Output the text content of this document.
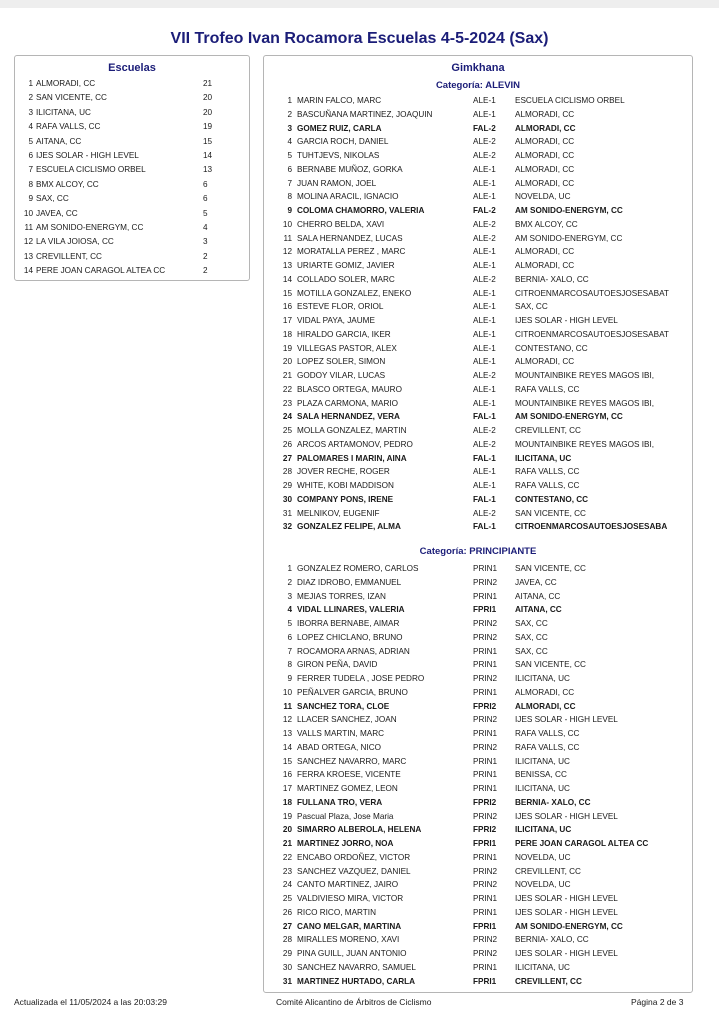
VII Trofeo Ivan Rocamora Escuelas 4-5-2024 (Sax)
Escuelas
1 ALMORADI, CC	21
2 SAN VICENTE, CC	20
3 ILICITANA, UC	20
4 RAFA VALLS, CC	19
5 AITANA, CC	15
6 IJES SOLAR - HIGH LEVEL	14
7 ESCUELA CICLISMO ORBEL	13
8 BMX ALCOY, CC	6
9 SAX, CC	6
10 JAVEA, CC	5
11 AM SONIDO-ENERGYM, CC	4
12 LA VILA JOIOSA, CC	3
13 CREVILLENT, CC	2
14 PERE JOAN CARAGOL ALTEA CC	2
Gimkhana
Categoría: ALEVIN
1 MARIN FALCO, MARC	ALE-1 ESCUELA CICLISMO ORBEL
2 BASCUÑANA MARTINEZ, JOAQUIN	ALE-1 ALMORADI, CC
3 GOMEZ RUIZ, CARLA	FAL-2 ALMORADI, CC
4 GARCIA ROCH, DANIEL	ALE-2 ALMORADI, CC
5 TUHTJEVS, NIKOLAS	ALE-2 ALMORADI, CC
6 BERNABE MUÑOZ, GORKA	ALE-1 ALMORADI, CC
7 JUAN RAMON, JOEL	ALE-1 ALMORADI, CC
8 MOLINA ARACIL, IGNACIO	ALE-1 NOVELDA, UC
9 COLOMA CHAMORRO, VALERIA	FAL-2 AM SONIDO-ENERGYM, CC
10 CHERRO BELDA, XAVI	ALE-2 BMX ALCOY, CC
11 SALA HERNANDEZ, LUCAS	ALE-2 AM SONIDO-ENERGYM, CC
12 MORATALLA PEREZ , MARC	ALE-1 ALMORADI, CC
13 URIARTE GOMIZ, JAVIER	ALE-1 ALMORADI, CC
14 COLLADO SOLER, MARC	ALE-2 BERNIA- XALO, CC
15 MOTILLA GONZALEZ, ENEKO	ALE-1 CITROENMARCOSAUTOESJOSESABAT
16 ESTEVE FLOR, ORIOL	ALE-1 SAX, CC
17 VIDAL PAYA, JAUME	ALE-1 IJES SOLAR - HIGH LEVEL
18 HIRALDO GARCIA, IKER	ALE-1 CITROENMARCOSAUTOESJOSESABAT
19 VILLEGAS PASTOR, ALEX	ALE-1 CONTESTANO, CC
20 LOPEZ SOLER, SIMON	ALE-1 ALMORADI, CC
21 GODOY VILAR, LUCAS	ALE-2 MOUNTAINBIKE REYES MAGOS IBI,
22 BLASCO ORTEGA, MAURO	ALE-1 RAFA VALLS, CC
23 PLAZA CARMONA, MARIO	ALE-1 MOUNTAINBIKE REYES MAGOS IBI,
24 SALA HERNANDEZ, VERA	FAL-1 AM SONIDO-ENERGYM, CC
25 MOLLA GONZALEZ, MARTIN	ALE-2 CREVILLENT, CC
26 ARCOS ARTAMONOV, PEDRO	ALE-2 MOUNTAINBIKE REYES MAGOS IBI,
27 PALOMARES I MARIN, AINA	FAL-1 ILICITANA, UC
28 JOVER RECHE, ROGER	ALE-1 RAFA VALLS, CC
29 WHITE, KOBI MADDISON	ALE-1 RAFA VALLS, CC
30 COMPANY PONS, IRENE	FAL-1 CONTESTANO, CC
31 MELNIKOV, EUGENIF	ALE-2 SAN VICENTE, CC
32 GONZALEZ FELIPE, ALMA	FAL-1 CITROENMARCOSAUTOESJOSESABA
Categoría: PRINCIPIANTE
1 GONZALEZ ROMERO, CARLOS	PRIN1 SAN VICENTE, CC
2 DIAZ IDROBO, EMMANUEL	PRIN2 JAVEA, CC
3 MEJIAS TORRES, IZAN	PRIN1 AITANA, CC
4 VIDAL LLINARES, VALERIA	FPRI1 AITANA, CC
5 IBORRA BERNABE, AIMAR	PRIN2 SAX, CC
6 LOPEZ CHICLANO, BRUNO	PRIN2 SAX, CC
7 ROCAMORA ARNAS, ADRIAN	PRIN1 SAX, CC
8 GIRON PEÑA, DAVID	PRIN1 SAN VICENTE, CC
9 FERRER TUDELA , JOSE PEDRO	PRIN2 ILICITANA, UC
10 PEÑALVER GARCIA, BRUNO	PRIN1 ALMORADI, CC
11 SANCHEZ TORA, CLOE	FPRI2 ALMORADI, CC
12 LLACER SANCHEZ, JOAN	PRIN2 IJES SOLAR - HIGH LEVEL
13 VALLS MARTIN, MARC	PRIN1 RAFA VALLS, CC
14 ABAD ORTEGA, NICO	PRIN2 RAFA VALLS, CC
15 SANCHEZ NAVARRO, MARC	PRIN1 ILICITANA, UC
16 FERRA KROESE, VICENTE	PRIN1 BENISSA, CC
17 MARTINEZ GOMEZ, LEON	PRIN1 ILICITANA, UC
18 FULLANA TRO, VERA	FPRI2 BERNIA- XALO, CC
19 Pascual Plaza, Jose Maria	PRIN2 IJES SOLAR - HIGH LEVEL
20 SIMARRO ALBEROLA, HELENA	FPRI2 ILICITANA, UC
21 MARTINEZ JORRO, NOA	FPRI1 PERE JOAN CARAGOL ALTEA CC
22 ENCABO ORDOÑEZ, VICTOR	PRIN1 NOVELDA, UC
23 SANCHEZ VAZQUEZ, DANIEL	PRIN2 CREVILLENT, CC
24 CANTO MARTINEZ, JAIRO	PRIN2 NOVELDA, UC
25 VALDIVIESO MIRA, VICTOR	PRIN1 IJES SOLAR - HIGH LEVEL
26 RICO RICO, MARTIN	PRIN1 IJES SOLAR - HIGH LEVEL
27 CANO MELGAR, MARTINA	FPRI1 AM SONIDO-ENERGYM, CC
28 MIRALLES MORENO, XAVI	PRIN2 BERNIA- XALO, CC
29 PINA GUILL, JUAN ANTONIO	PRIN2 IJES SOLAR - HIGH LEVEL
30 SANCHEZ NAVARRO, SAMUEL	PRIN1 ILICITANA, UC
31 MARTINEZ HURTADO, CARLA	FPRI1 CREVILLENT, CC
Actualizada el 11/05/2024 a las 20:03:29	Comité Alicantino de Árbitros de Ciclismo	Página 2 de 3
